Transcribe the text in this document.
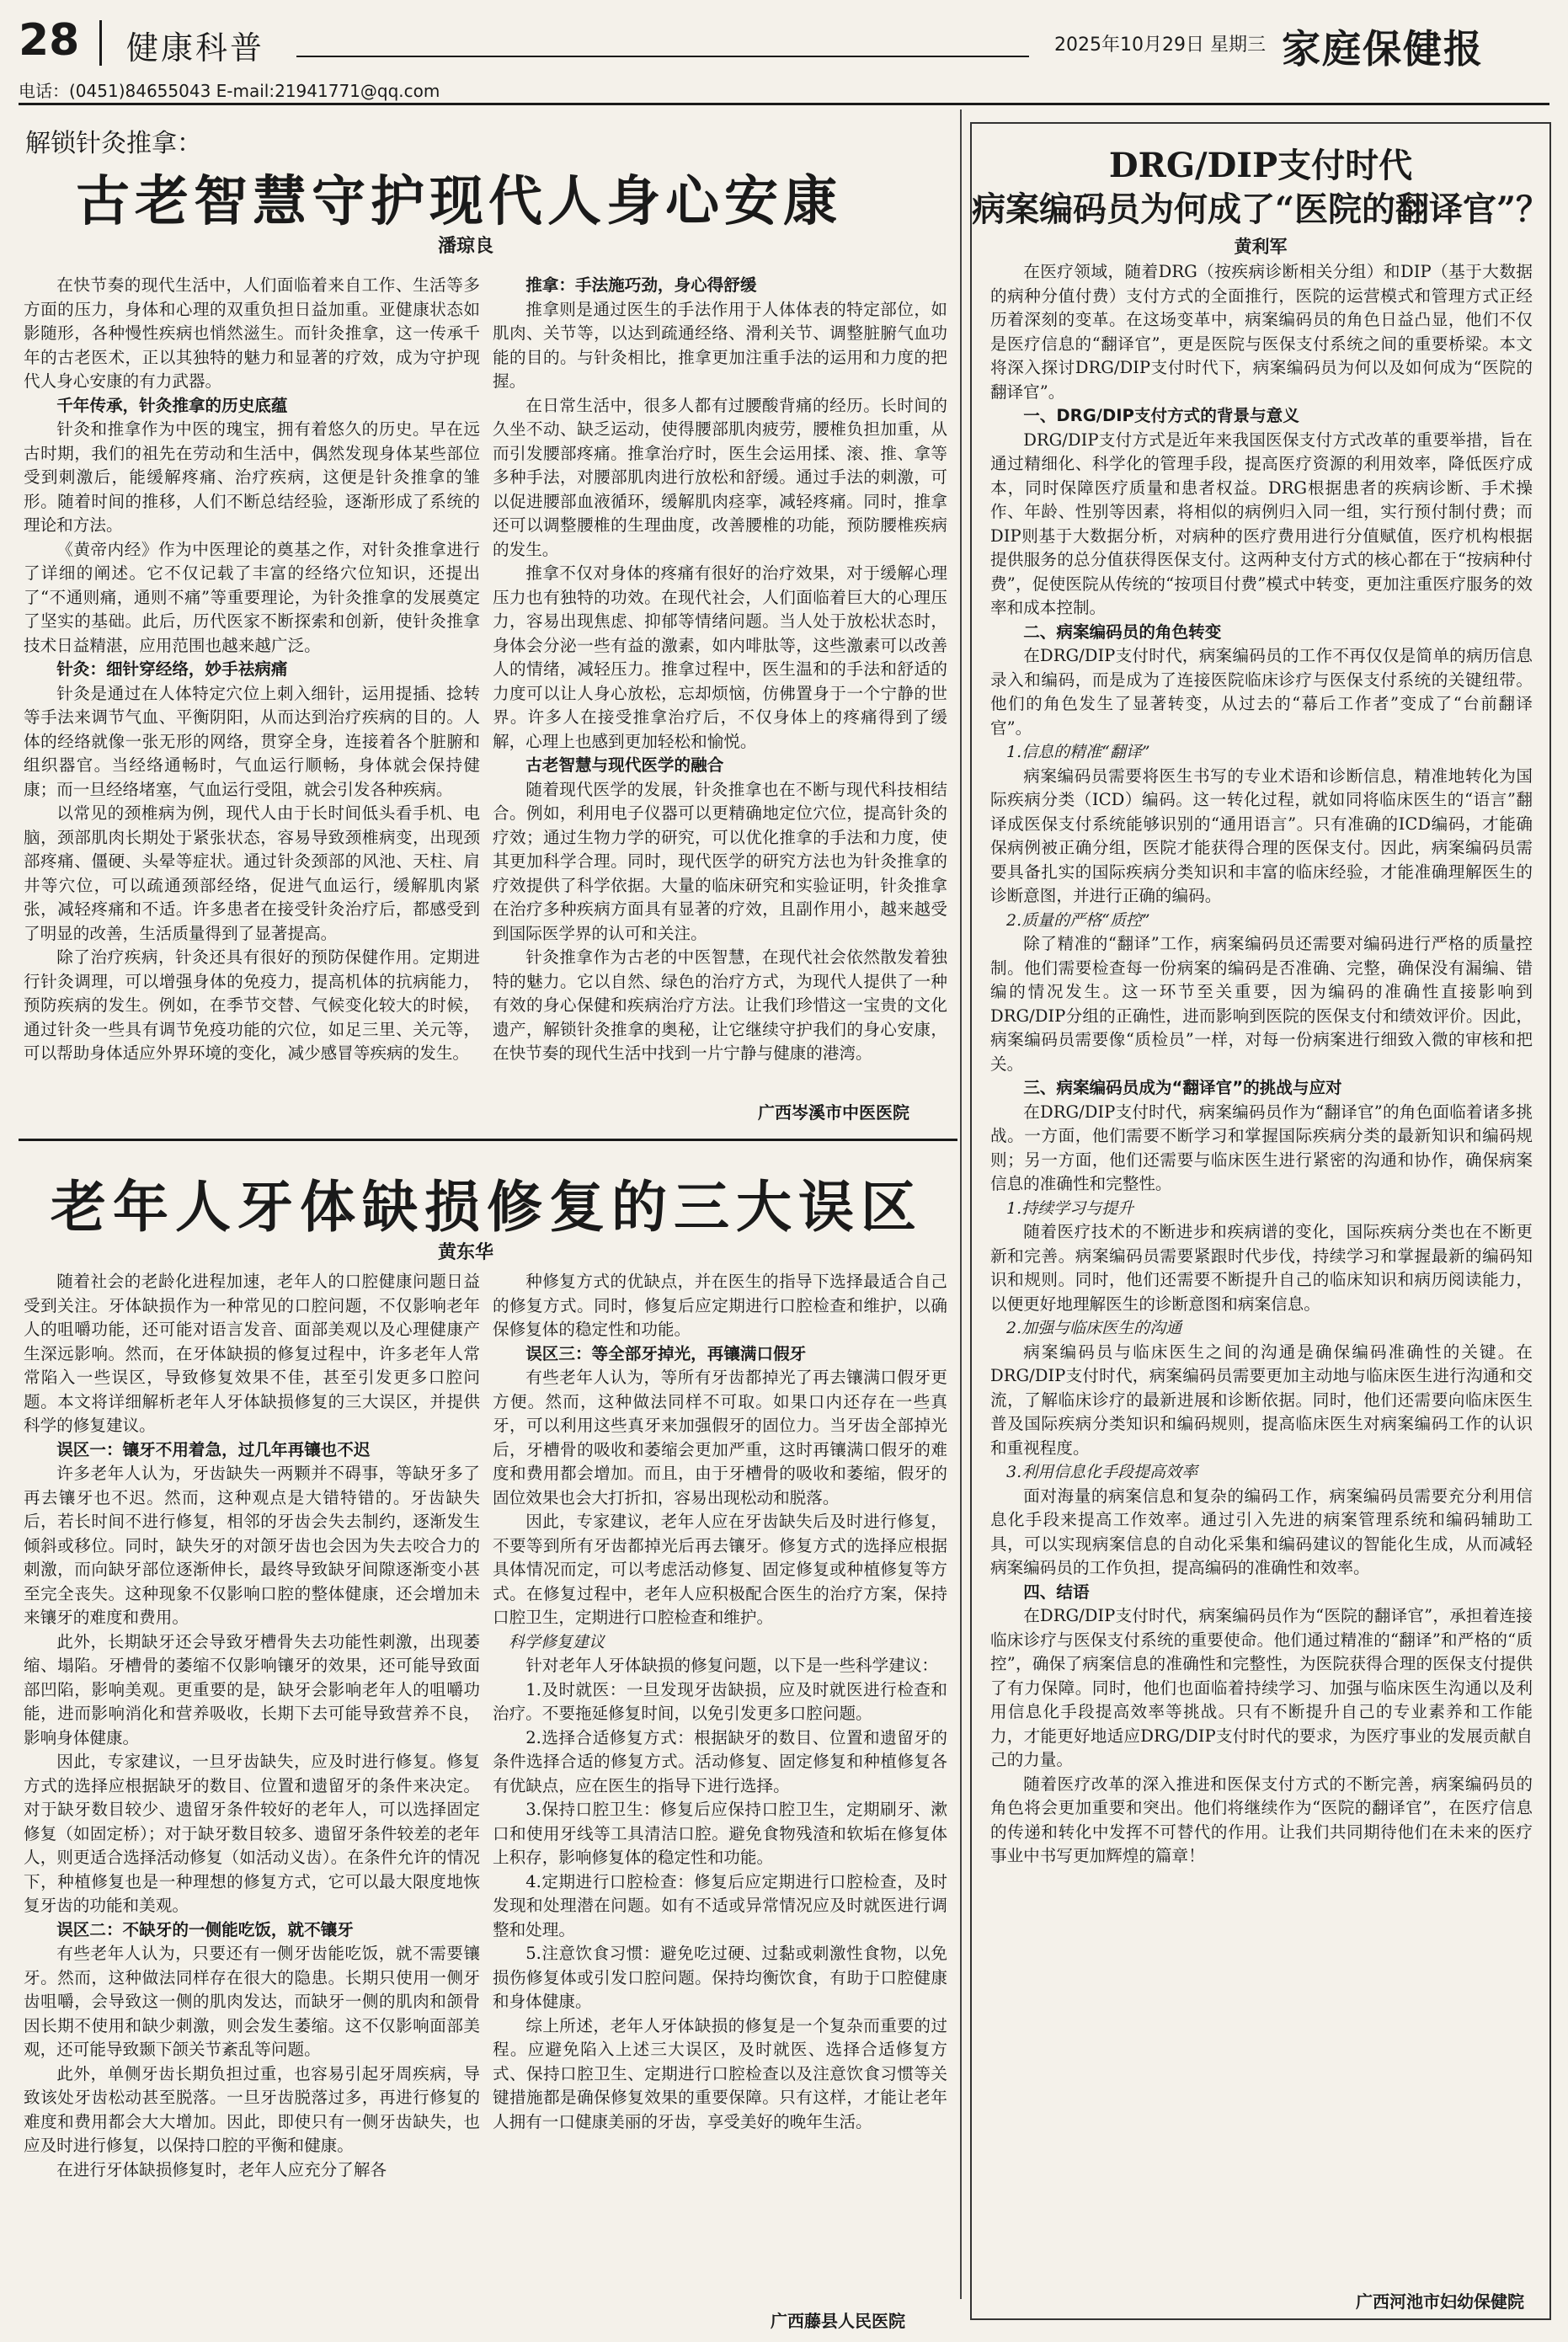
28 健康科普	2025年10月29日 星期三 家庭保健报
电话：(0451)84655043 E-mail:21941771@qq.com
解锁针灸推拿：
古老智慧守护现代人身心安康
潘琼良

在快节奏的现代生活中，人们面临着来自工作、生活等多方面的压力，身体和心理的双重负担日益加重。亚健康状态如影随形，各种慢性疾病也悄然滋生。而针灸推拿，这一传承千年的古老医术，正以其独特的魅力和显著的疗效，成为守护现代人身心安康的有力武器。

千年传承，针灸推拿的历史底蕴

针灸和推拿作为中医的瑰宝，拥有着悠久的历史。早在远古时期，我们的祖先在劳动和生活中，偶然发现身体某些部位受到刺激后，能缓解疼痛、治疗疾病，这便是针灸推拿的雏形。随着时间的推移，人们不断总结经验，逐渐形成了系统的理论和方法。

《黄帝内经》作为中医理论的奠基之作，对针灸推拿进行了详细的阐述。它不仅记载了丰富的经络穴位知识，还提出了“不通则痛，通则不痛”等重要理论，为针灸推拿的发展奠定了坚实的基础。此后，历代医家不断探索和创新，使针灸推拿技术日益精湛，应用范围也越来越广泛。

针灸：细针穿经络，妙手祛病痛

针灸是通过在人体特定穴位上刺入细针，运用提插、捻转等手法来调节气血、平衡阴阳，从而达到治疗疾病的目的。人体的经络就像一张无形的网络，贯穿全身，连接着各个脏腑和组织器官。当经络通畅时，气血运行顺畅，身体就会保持健康；而一旦经络堵塞，气血运行受阻，就会引发各种疾病。

以常见的颈椎病为例，现代人由于长时间低头看手机、电脑，颈部肌肉长期处于紧张状态，容易导致颈椎病变，出现颈部疼痛、僵硬、头晕等症状。通过针灸颈部的风池、天柱、肩井等穴位，可以疏通颈部经络，促进气血运行，缓解肌肉紧张，减轻疼痛和不适。许多患者在接受针灸治疗后，都感受到了明显的改善，生活质量得到了显著提高。

除了治疗疾病，针灸还具有很好的预防保健作用。定期进行针灸调理，可以增强身体的免疫力，提高机体的抗病能力，预防疾病的发生。例如，在季节交替、气候变化较大的时候，通过针灸一些具有调节免疫功能的穴位，如足三里、关元等，可以帮助身体适应外界环境的变化，减少感冒等疾病的发生。

推拿：手法施巧劲，身心得舒缓

推拿则是通过医生的手法作用于人体体表的特定部位，如肌肉、关节等，以达到疏通经络、滑利关节、调整脏腑气血功能的目的。与针灸相比，推拿更加注重手法的运用和力度的把握。

在日常生活中，很多人都有过腰酸背痛的经历。长时间的久坐不动、缺乏运动，使得腰部肌肉疲劳，腰椎负担加重，从而引发腰部疼痛。推拿治疗时，医生会运用揉、滚、推、拿等多种手法，对腰部肌肉进行放松和舒缓。通过手法的刺激，可以促进腰部血液循环，缓解肌肉痉挛，减轻疼痛。同时，推拿还可以调整腰椎的生理曲度，改善腰椎的功能，预防腰椎疾病的发生。

推拿不仅对身体的疼痛有很好的治疗效果，对于缓解心理压力也有独特的功效。在现代社会，人们面临着巨大的心理压力，容易出现焦虑、抑郁等情绪问题。当人处于放松状态时，身体会分泌一些有益的激素，如内啡肽等，这些激素可以改善人的情绪，减轻压力。推拿过程中，医生温和的手法和舒适的力度可以让人身心放松，忘却烦恼，仿佛置身于一个宁静的世界。许多人在接受推拿治疗后，不仅身体上的疼痛得到了缓解，心理上也感到更加轻松和愉悦。

古老智慧与现代医学的融合

随着现代医学的发展，针灸推拿也在不断与现代科技相结合。例如，利用电子仪器可以更精确地定位穴位，提高针灸的疗效；通过生物力学的研究，可以优化推拿的手法和力度，使其更加科学合理。同时，现代医学的研究方法也为针灸推拿的疗效提供了科学依据。大量的临床研究和实验证明，针灸推拿在治疗多种疾病方面具有显著的疗效，且副作用小，越来越受到国际医学界的认可和关注。

针灸推拿作为古老的中医智慧，在现代社会依然散发着独特的魅力。它以自然、绿色的治疗方式，为现代人提供了一种有效的身心保健和疾病治疗方法。让我们珍惜这一宝贵的文化遗产，解锁针灸推拿的奥秘，让它继续守护我们的身心安康，在快节奏的现代生活中找到一片宁静与健康的港湾。

广西岑溪市中医医院
老年人牙体缺损修复的三大误区
黄东华

随着社会的老龄化进程加速，老年人的口腔健康问题日益受到关注。牙体缺损作为一种常见的口腔问题，不仅影响老年人的咀嚼功能，还可能对语言发音、面部美观以及心理健康产生深远影响。然而，在牙体缺损的修复过程中，许多老年人常常陷入一些误区，导致修复效果不佳，甚至引发更多口腔问题。本文将详细解析老年人牙体缺损修复的三大误区，并提供科学的修复建议。

误区一：镶牙不用着急，过几年再镶也不迟

许多老年人认为，牙齿缺失一两颗并不碍事，等缺牙多了再去镶牙也不迟。然而，这种观点是大错特错的。牙齿缺失后，若长时间不进行修复，相邻的牙齿会失去制约，逐渐发生倾斜或移位。同时，缺失牙的对颌牙齿也会因为失去咬合力的刺激，而向缺牙部位逐渐伸长，最终导致缺牙间隙逐渐变小甚至完全丧失。这种现象不仅影响口腔的整体健康，还会增加未来镶牙的难度和费用。

此外，长期缺牙还会导致牙槽骨失去功能性刺激，出现萎缩、塌陷。牙槽骨的萎缩不仅影响镶牙的效果，还可能导致面部凹陷，影响美观。更重要的是，缺牙会影响老年人的咀嚼功能，进而影响消化和营养吸收，长期下去可能导致营养不良，影响身体健康。

因此，专家建议，一旦牙齿缺失，应及时进行修复。修复方式的选择应根据缺牙的数目、位置和遗留牙的条件来决定。对于缺牙数目较少、遗留牙条件较好的老年人，可以选择固定修复（如固定桥）；对于缺牙数目较多、遗留牙条件较差的老年人，则更适合选择活动修复（如活动义齿）。在条件允许的情况下，种植修复也是一种理想的修复方式，它可以最大限度地恢复牙齿的功能和美观。

误区二：不缺牙的一侧能吃饭，就不镶牙

有些老年人认为，只要还有一侧牙齿能吃饭，就不需要镶牙。然而，这种做法同样存在很大的隐患。长期只使用一侧牙齿咀嚼，会导致这一侧的肌肉发达，而缺牙一侧的肌肉和颌骨因长期不使用和缺少刺激，则会发生萎缩。这不仅影响面部美观，还可能导致颞下颌关节紊乱等问题。

此外，单侧牙齿长期负担过重，也容易引起牙周疾病，导致该处牙齿松动甚至脱落。一旦牙齿脱落过多，再进行修复的难度和费用都会大大增加。因此，即使只有一侧牙齿缺失，也应及时进行修复，以保持口腔的平衡和健康。

在进行牙体缺损修复时，老年人应充分了解各

种修复方式的优缺点，并在医生的指导下选择最适合自己的修复方式。同时，修复后应定期进行口腔检查和维护，以确保修复体的稳定性和功能。

误区三：等全部牙掉光，再镶满口假牙

有些老年人认为，等所有牙齿都掉光了再去镶满口假牙更方便。然而，这种做法同样不可取。如果口内还存在一些真牙，可以利用这些真牙来加强假牙的固位力。当牙齿全部掉光后，牙槽骨的吸收和萎缩会更加严重，这时再镶满口假牙的难度和费用都会增加。而且，由于牙槽骨的吸收和萎缩，假牙的固位效果也会大打折扣，容易出现松动和脱落。

因此，专家建议，老年人应在牙齿缺失后及时进行修复，不要等到所有牙齿都掉光后再去镶牙。修复方式的选择应根据具体情况而定，可以考虑活动修复、固定修复或种植修复等方式。在修复过程中，老年人应积极配合医生的治疗方案，保持口腔卫生，定期进行口腔检查和维护。

科学修复建议

针对老年人牙体缺损的修复问题，以下是一些科学建议：

1.及时就医：一旦发现牙齿缺损，应及时就医进行检查和治疗。不要拖延修复时间，以免引发更多口腔问题。

2.选择合适修复方式：根据缺牙的数目、位置和遗留牙的条件选择合适的修复方式。活动修复、固定修复和种植修复各有优缺点，应在医生的指导下进行选择。

3.保持口腔卫生：修复后应保持口腔卫生，定期刷牙、漱口和使用牙线等工具清洁口腔。避免食物残渣和软垢在修复体上积存，影响修复体的稳定性和功能。

4.定期进行口腔检查：修复后应定期进行口腔检查，及时发现和处理潜在问题。如有不适或异常情况应及时就医进行调整和处理。

5.注意饮食习惯：避免吃过硬、过黏或刺激性食物，以免损伤修复体或引发口腔问题。保持均衡饮食，有助于口腔健康和身体健康。

综上所述，老年人牙体缺损的修复是一个复杂而重要的过程。应避免陷入上述三大误区，及时就医、选择合适修复方式、保持口腔卫生、定期进行口腔检查以及注意饮食习惯等关键措施都是确保修复效果的重要保障。只有这样，才能让老年人拥有一口健康美丽的牙齿，享受美好的晚年生活。

广西藤县人民医院
DRG/DIP支付时代
病案编码员为何成了“医院的翻译官”？
黄利军

在医疗领域，随着DRG（按疾病诊断相关分组）和DIP（基于大数据的病种分值付费）支付方式的全面推行，医院的运营模式和管理方式正经历着深刻的变革。在这场变革中，病案编码员的角色日益凸显，他们不仅是医疗信息的“翻译官”，更是医院与医保支付系统之间的重要桥梁。本文将深入探讨DRG/DIP支付时代下，病案编码员为何以及如何成为“医院的翻译官”。

一、DRG/DIP支付方式的背景与意义

DRG/DIP支付方式是近年来我国医保支付方式改革的重要举措，旨在通过精细化、科学化的管理手段，提高医疗资源的利用效率，降低医疗成本，同时保障医疗质量和患者权益。DRG根据患者的疾病诊断、手术操作、年龄、性别等因素，将相似的病例归入同一组，实行预付制付费；而DIP则基于大数据分析，对病种的医疗费用进行分值赋值，医疗机构根据提供服务的总分值获得医保支付。这两种支付方式的核心都在于“按病种付费”，促使医院从传统的“按项目付费”模式中转变，更加注重医疗服务的效率和成本控制。

二、病案编码员的角色转变

在DRG/DIP支付时代，病案编码员的工作不再仅仅是简单的病历信息录入和编码，而是成为了连接医院临床诊疗与医保支付系统的关键纽带。他们的角色发生了显著转变，从过去的“幕后工作者”变成了“台前翻译官”。

1.信息的精准“翻译”

病案编码员需要将医生书写的专业术语和诊断信息，精准地转化为国际疾病分类（ICD）编码。这一转化过程，就如同将临床医生的“语言”翻译成医保支付系统能够识别的“通用语言”。只有准确的ICD编码，才能确保病例被正确分组，医院才能获得合理的医保支付。因此，病案编码员需要具备扎实的国际疾病分类知识和丰富的临床经验，才能准确理解医生的诊断意图，并进行正确的编码。

2.质量的严格“质控”

除了精准的“翻译”工作，病案编码员还需要对编码进行严格的质量控制。他们需要检查每一份病案的编码是否准确、完整，确保没有漏编、错编的情况发生。这一环节至关重要，因为编码的准确性直接影响到DRG/DIP分组的正确性，进而影响到医院的医保支付和绩效评价。因此，病案编码员需要像“质检员”一样，对每一份病案进行细致入微的审核和把关。

三、病案编码员成为“翻译官”的挑战与应对

在DRG/DIP支付时代，病案编码员作为“翻译官”的角色面临着诸多挑战。一方面，他们需要不断学习和掌握国际疾病分类的最新知识和编码规则；另一方面，他们还需要与临床医生进行紧密的沟通和协作，确保病案信息的准确性和完整性。

1.持续学习与提升

随着医疗技术的不断进步和疾病谱的变化，国际疾病分类也在不断更新和完善。病案编码员需要紧跟时代步伐，持续学习和掌握最新的编码知识和规则。同时，他们还需要不断提升自己的临床知识和病历阅读能力，以便更好地理解医生的诊断意图和病案信息。

2.加强与临床医生的沟通

病案编码员与临床医生之间的沟通是确保编码准确性的关键。在DRG/DIP支付时代，病案编码员需要更加主动地与临床医生进行沟通和交流，了解临床诊疗的最新进展和诊断依据。同时，他们还需要向临床医生普及国际疾病分类知识和编码规则，提高临床医生对病案编码工作的认识和重视程度。

3.利用信息化手段提高效率

面对海量的病案信息和复杂的编码工作，病案编码员需要充分利用信息化手段来提高工作效率。通过引入先进的病案管理系统和编码辅助工具，可以实现病案信息的自动化采集和编码建议的智能化生成，从而减轻病案编码员的工作负担，提高编码的准确性和效率。

四、结语

在DRG/DIP支付时代，病案编码员作为“医院的翻译官”，承担着连接临床诊疗与医保支付系统的重要使命。他们通过精准的“翻译”和严格的“质控”，确保了病案信息的准确性和完整性，为医院获得合理的医保支付提供了有力保障。同时，他们也面临着持续学习、加强与临床医生沟通以及利用信息化手段提高效率等挑战。只有不断提升自己的专业素养和工作能力，才能更好地适应DRG/DIP支付时代的要求，为医疗事业的发展贡献自己的力量。

随着医疗改革的深入推进和医保支付方式的不断完善，病案编码员的角色将会更加重要和突出。他们将继续作为“医院的翻译官”，在医疗信息的传递和转化中发挥不可替代的作用。让我们共同期待他们在未来的医疗事业中书写更加辉煌的篇章！

广西河池市妇幼保健院
